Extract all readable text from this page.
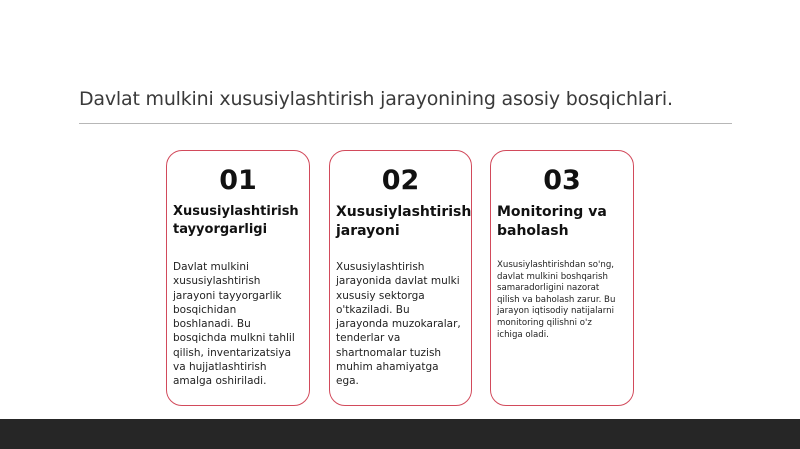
Davlat mulkini xususiylashtirish jarayonining asosiy bosqichlari.
01
Xususiylashtirish
tayyorgarligi
Davlat mulkini
xususiylashtirish
jarayoni tayyorgarlik
bosqichidan
boshlanadi. Bu
bosqichda mulkni tahlil
qilish, inventarizatsiya
va hujjatlashtirish
amalga oshiriladi.
02
Xususiylashtirish
jarayoni
Xususiylashtirish
jarayonida davlat mulki
xususiy sektorga
o'tkaziladi. Bu
jarayonda muzokaralar,
tenderlar va
shartnomalar tuzish
muhim ahamiyatga
ega.
03
Monitoring va
baholash
Xususiylashtirishdan so'ng,
davlat mulkini boshqarish
samaradorligini nazorat
qilish va baholash zarur. Bu
jarayon iqtisodiy natijalarni
monitoring qilishni o'z
ichiga oladi.
